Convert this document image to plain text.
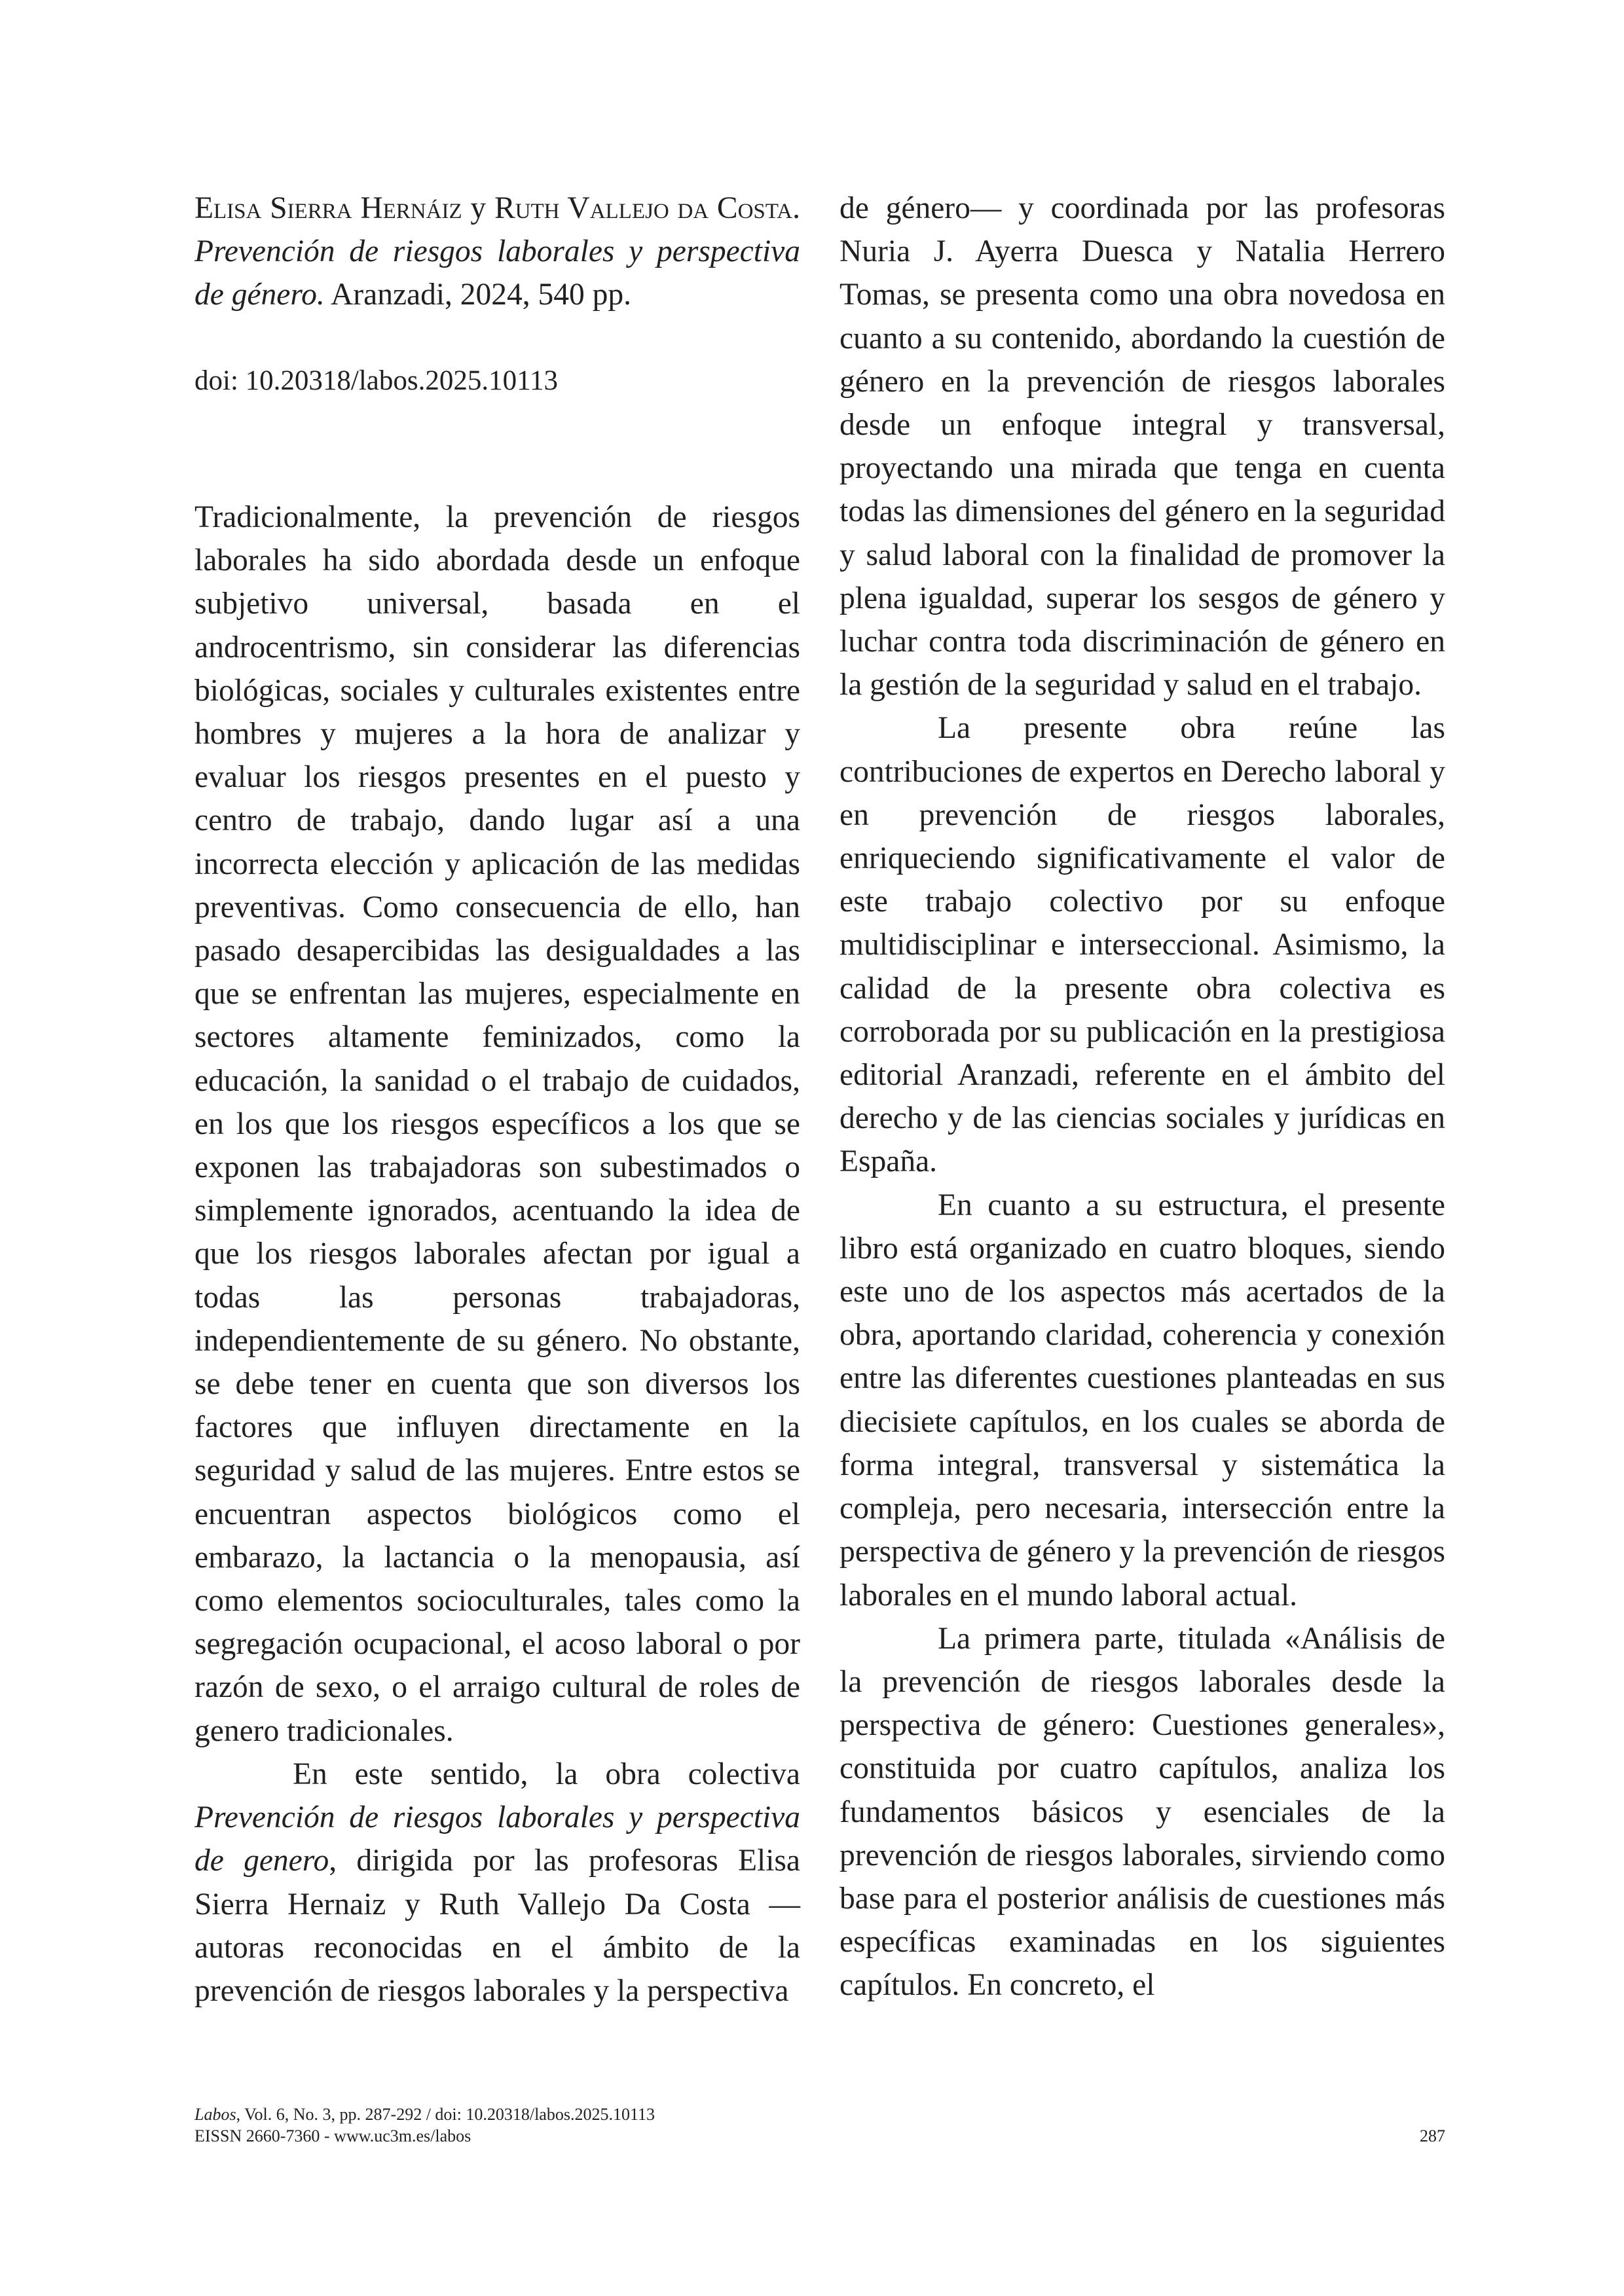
Elisa Sierra Hernáiz y Ruth Vallejo da Costa. Prevención de riesgos laborales y perspectiva de género. Aranzadi, 2024, 540 pp.

doi: 10.20318/labos.2025.10113

Tradicionalmente, la prevención de riesgos laborales ha sido abordada desde un enfoque subjetivo universal, basada en el androcentrismo, sin considerar las diferencias biológicas, sociales y culturales existentes entre hombres y mujeres a la hora de analizar y evaluar los riesgos presentes en el puesto y centro de trabajo, dando lugar así a una incorrecta elección y aplicación de las medidas preventivas. Como consecuencia de ello, han pasado desapercibidas las desigualdades a las que se enfrentan las mujeres, especialmente en sectores altamente feminizados, como la educación, la sanidad o el trabajo de cuidados, en los que los riesgos específicos a los que se exponen las trabajadoras son subestimados o simplemente ignorados, acentuando la idea de que los riesgos laborales afectan por igual a todas las personas trabajadoras, independientemente de su género. No obstante, se debe tener en cuenta que son diversos los factores que influyen directamente en la seguridad y salud de las mujeres. Entre estos se encuentran aspectos biológicos como el embarazo, la lactancia o la menopausia, así como elementos socioculturales, tales como la segregación ocupacional, el acoso laboral o por razón de sexo, o el arraigo cultural de roles de genero tradicionales.

En este sentido, la obra colectiva Prevención de riesgos laborales y perspectiva de genero, dirigida por las profesoras Elisa Sierra Hernaiz y Ruth Vallejo Da Costa —autoras reconocidas en el ámbito de la prevención de riesgos laborales y la perspectiva

de género— y coordinada por las profesoras Nuria J. Ayerra Duesca y Natalia Herrero Tomas, se presenta como una obra novedosa en cuanto a su contenido, abordando la cuestión de género en la prevención de riesgos laborales desde un enfoque integral y transversal, proyectando una mirada que tenga en cuenta todas las dimensiones del género en la seguridad y salud laboral con la finalidad de promover la plena igualdad, superar los sesgos de género y luchar contra toda discriminación de género en la gestión de la seguridad y salud en el trabajo.

La presente obra reúne las contribuciones de expertos en Derecho laboral y en prevención de riesgos laborales, enriqueciendo significativamente el valor de este trabajo colectivo por su enfoque multidisciplinar e interseccional. Asimismo, la calidad de la presente obra colectiva es corroborada por su publicación en la prestigiosa editorial Aranzadi, referente en el ámbito del derecho y de las ciencias sociales y jurídicas en España.

En cuanto a su estructura, el presente libro está organizado en cuatro bloques, siendo este uno de los aspectos más acertados de la obra, aportando claridad, coherencia y conexión entre las diferentes cuestiones planteadas en sus diecisiete capítulos, en los cuales se aborda de forma integral, transversal y sistemática la compleja, pero necesaria, intersección entre la perspectiva de género y la prevención de riesgos laborales en el mundo laboral actual.

La primera parte, titulada «Análisis de la prevención de riesgos laborales desde la perspectiva de género: Cuestiones generales», constituida por cuatro capítulos, analiza los fundamentos básicos y esenciales de la prevención de riesgos laborales, sirviendo como base para el posterior análisis de cuestiones más específicas examinadas en los siguientes capítulos. En concreto, el

Labos, Vol. 6, No. 3, pp. 287-292 / doi: 10.20318/labos.2025.10113
EISSN 2660-7360 - www.uc3m.es/labos	287
